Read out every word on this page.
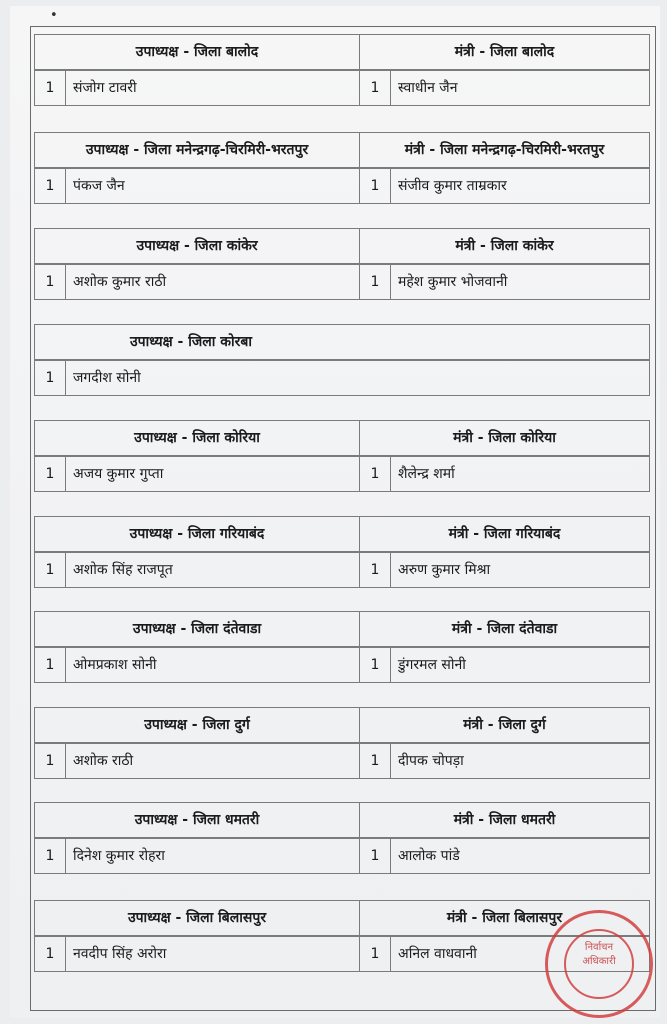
•
उपाध्यक्ष - जिला बालोद	मंत्री - जिला बालोद
1	संजोग टावरी	1	स्वाधीन जैन
उपाध्यक्ष - जिला मनेन्द्रगढ़-चिरमिरी-भरतपुर	मंत्री - जिला मनेन्द्रगढ़-चिरमिरी-भरतपुर
1	पंकज जैन	1	संजीव कुमार ताम्रकार
उपाध्यक्ष - जिला कांकेर	मंत्री - जिला कांकेर
1	अशोक कुमार राठी	1	महेश कुमार भोजवानी
उपाध्यक्ष - जिला कोरबा
1	जगदीश सोनी
उपाध्यक्ष - जिला कोरिया	मंत्री - जिला कोरिया
1	अजय कुमार गुप्ता	1	शैलेन्द्र शर्मा
उपाध्यक्ष - जिला गरियाबंद	मंत्री - जिला गरियाबंद
1	अशोक सिंह राजपूत	1	अरुण कुमार मिश्रा
उपाध्यक्ष - जिला दंतेवाडा	मंत्री - जिला दंतेवाडा
1	ओमप्रकाश सोनी	1	डुंगरमल सोनी
उपाध्यक्ष - जिला दुर्ग	मंत्री - जिला दुर्ग
1	अशोक राठी	1	दीपक चोपड़ा
उपाध्यक्ष - जिला धमतरी	मंत्री - जिला धमतरी
1	दिनेश कुमार रोहरा	1	आलोक पांडे
उपाध्यक्ष - जिला बिलासपुर	मंत्री - जिला बिलासपुर
1	नवदीप सिंह अरोरा	1	अनिल वाधवानी	निर्वाचन
अधिकारी
